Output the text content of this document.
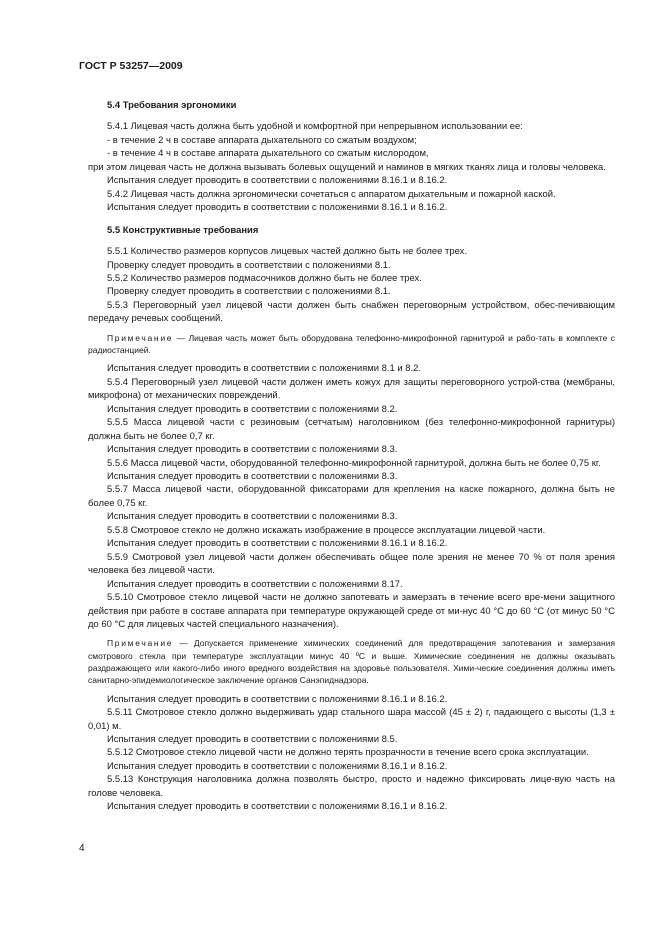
ГОСТ Р 53257—2009

5.4 Требования эргономики

5.4.1 Лицевая часть должна быть удобной и комфортной при непрерывном использовании ее:

- в течение 2 ч в составе аппарата дыхательного со сжатым воздухом;

- в течение 4 ч в составе аппарата дыхательного со сжатым кислородом,

при этом лицевая часть не должна вызывать болевых ощущений и наминов в мягких тканях лица и головы человека.

Испытания следует проводить в соответствии с положениями 8.16.1 и 8.16.2.

5.4.2 Лицевая часть должна эргономически сочетаться с аппаратом дыхательным и пожарной каской.

Испытания следует проводить в соответствии с положениями 8.16.1 и 8.16.2.

5.5 Конструктивные требования

5.5.1 Количество размеров корпусов лицевых частей должно быть не более трех.

Проверку следует проводить в соответствии с положениями 8.1.

5.5.2 Количество размеров подмасочников должно быть не более трех.

Проверку следует проводить в соответствии с положениями 8.1.

5.5.3 Переговорный узел лицевой части должен быть снабжен переговорным устройством, обес-печивающим передачу речевых сообщений.

Примечание — Лицевая часть может быть оборудована телефонно-микрофонной гарнитурой и рабо-тать в комплекте с радиостанцией.

Испытания следует проводить в соответствии с положениями 8.1 и 8.2.

5.5.4 Переговорный узел лицевой части должен иметь кожух для защиты переговорного устрой-ства (мембраны, микрофона) от механических повреждений.

Испытания следует проводить в соответствии с положениями 8.2.

5.5.5 Масса лицевой части с резиновым (сетчатым) наголовником (без телефонно-микрофонной гарнитуры) должна быть не более 0,7 кг.

Испытания следует проводить в соответствии с положениями 8.3.

5.5.6 Масса лицевой части, оборудованной телефонно-микрофонной гарнитурой, должна быть не более 0,75 кг.

Испытания следует проводить в соответствии с положениями 8.3.

5.5.7 Масса лицевой части, оборудованной фиксаторами для крепления на каске пожарного, должна быть не более 0,75 кг.

Испытания следует проводить в соответствии с положениями 8.3.

5.5.8 Смотровое стекло не должно искажать изображение в процессе эксплуатации лицевой части.

Испытания следует проводить в соответствии с положениями 8.16.1 и 8.16.2.

5.5.9 Смотровой узел лицевой части должен обеспечивать общее поле зрения не менее 70 % от поля зрения человека без лицевой части.

Испытания следует проводить в соответствии с положениями 8.17.

5.5.10 Смотровое стекло лицевой части не должно запотевать и замерзать в течение всего вре-мени защитного действия при работе в составе аппарата при температуре окружающей среде от ми-нус 40 °С до 60 °С (от минус 50 °С до 60 °С для лицевых частей специального назначения).

Примечание — Допускается применение химических соединений для предотвращения запотевания и замерзания смотрового стекла при температуре эксплуатации минус 40 ºС и выше. Химические соединения не должны оказывать раздражающего или какого-либо иного вредного воздействия на здоровье пользователя. Хими-ческие соединения должны иметь санитарно-эпидемиологическое заключение органов Санэпиднадзора.

Испытания следует проводить в соответствии с положениями 8.16.1 и 8.16.2.

5.5.11 Смотровое стекло должно выдерживать удар стального шара массой (45 ± 2) г, падающего с высоты (1,3 ± 0,01) м.

Испытания следует проводить в соответствии с положениями 8.5.

5.5.12 Смотровое стекло лицевой части не должно терять прозрачности в течение всего срока эксплуатации.

Испытания следует проводить в соответствии с положениями 8.16.1 и 8.16.2.

5.5.13 Конструкция наголовника должна позволять быстро, просто и надежно фиксировать лице-вую часть на голове человека.

Испытания следует проводить в соответствии с положениями 8.16.1 и 8.16.2.

4
